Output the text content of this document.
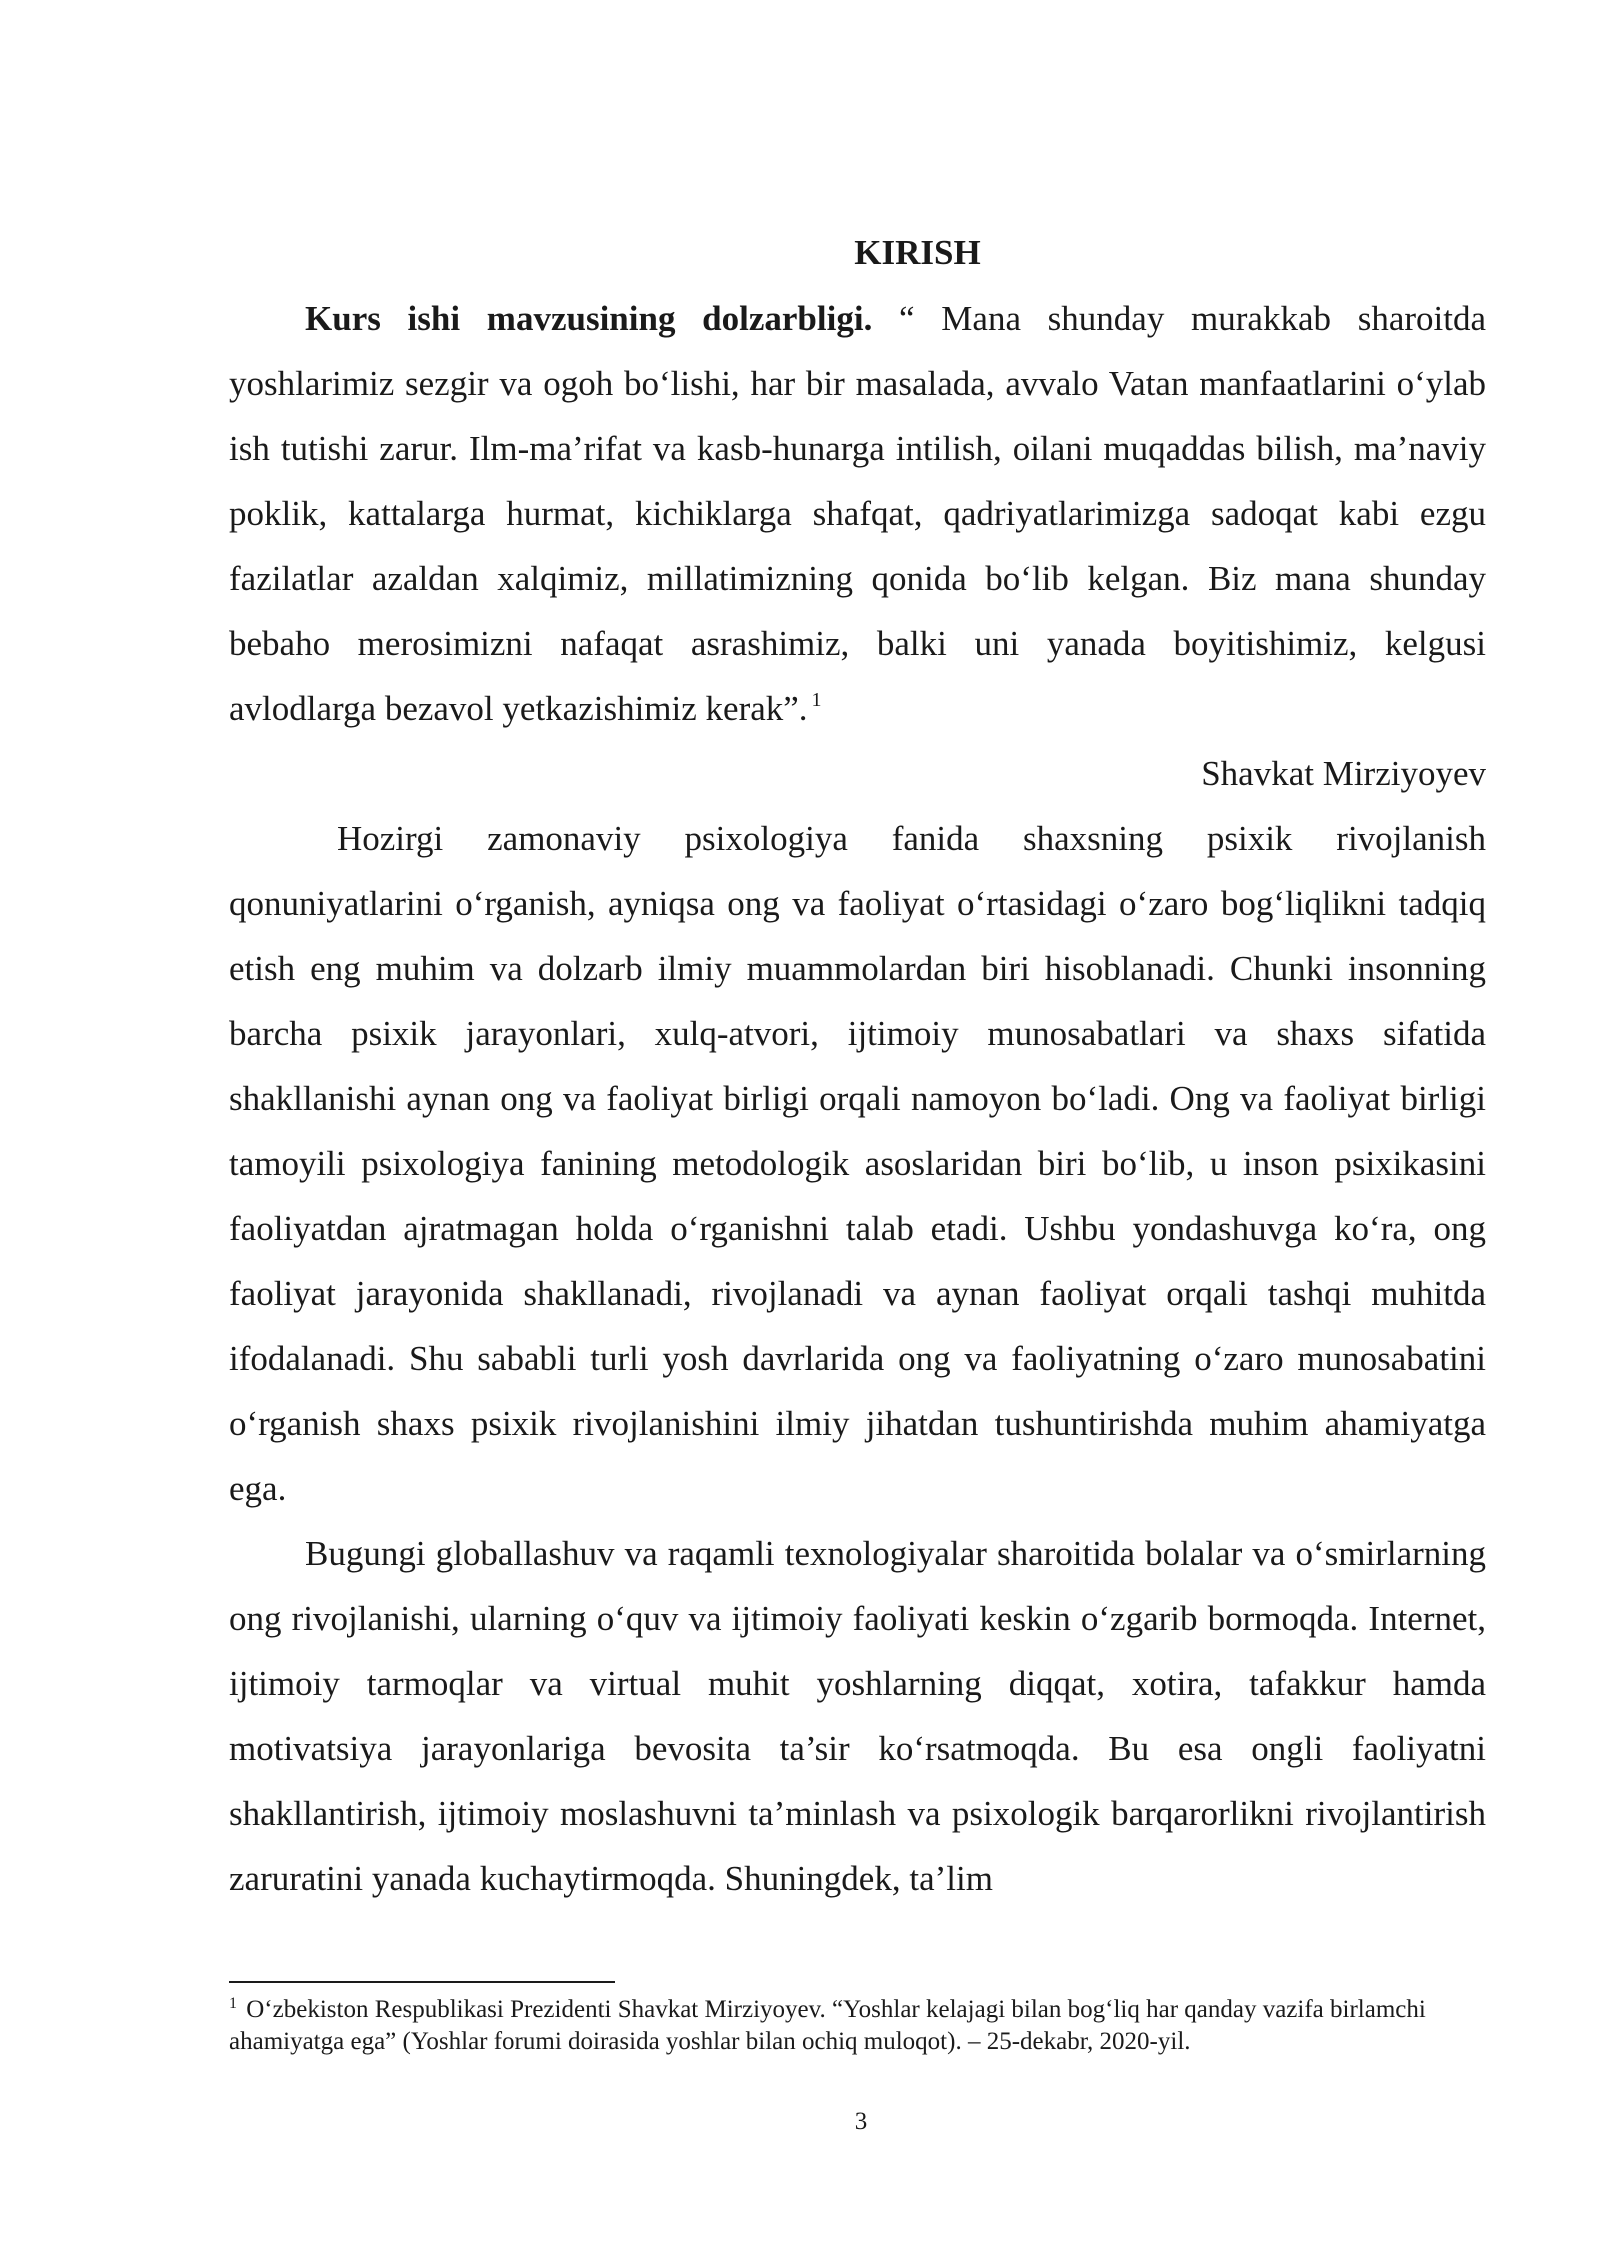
KIRISH

Kurs ishi mavzusining dolzarbligi. “ Mana shunday murakkab sharoitda yoshlarimiz sezgir va ogoh bo‘lishi, har bir masalada, avvalo Vatan manfaatlarini o‘ylab ish tutishi zarur. Ilm-ma’rifat va kasb-hunarga intilish, oilani muqaddas bilish, ma’naviy poklik, kattalarga hurmat, kichiklarga shafqat, qadriyatlarimizga sadoqat kabi ezgu fazilatlar azaldan xalqimiz, millatimizning qonida bo‘lib kelgan. Biz mana shunday bebaho merosimizni nafaqat asrashimiz, balki uni yanada boyitishimiz, kelgusi avlodlarga bezavol yetkazishimiz kerak”. $^1$

Shavkat Mirziyoyev

Hozirgi zamonaviy psixologiya fanida shaxsning psixik rivojlanish qonuniyatlarini o‘rganish, ayniqsa ong va faoliyat o‘rtasidagi o‘zaro bog‘liqlikni tadqiq etish eng muhim va dolzarb ilmiy muammolardan biri hisoblanadi. Chunki insonning barcha psixik jarayonlari, xulq-atvori, ijtimoiy munosabatlari va shaxs sifatida shakllanishi aynan ong va faoliyat birligi orqali namoyon bo‘ladi. Ong va faoliyat birligi tamoyili psixologiya fanining metodologik asoslaridan biri bo‘lib, u inson psixikasini faoliyatdan ajratmagan holda o‘rganishni talab etadi. Ushbu yondashuvga ko‘ra, ong faoliyat jarayonida shakllanadi, rivojlanadi va aynan faoliyat orqali tashqi muhitda ifodalanadi. Shu sababli turli yosh davrlarida ong va faoliyatning o‘zaro munosabatini o‘rganish shaxs psixik rivojlanishini ilmiy jihatdan tushuntirishda muhim ahamiyatga ega.

Bugungi globallashuv va raqamli texnologiyalar sharoitida bolalar va o‘smirlarning ong rivojlanishi, ularning o‘quv va ijtimoiy faoliyati keskin o‘zgarib bormoqda. Internet, ijtimoiy tarmoqlar va virtual muhit yoshlarning diqqat, xotira, tafakkur hamda motivatsiya jarayonlariga bevosita ta’sir ko‘rsatmoqda. Bu esa ongli faoliyatni shakllantirish, ijtimoiy moslashuvni ta’minlash va psixologik barqarorlikni rivojlantirish zaruratini yanada kuchaytirmoqda. Shuningdek, ta’lim

$^1$ O‘zbekiston Respublikasi Prezidenti Shavkat Mirziyoyev. “Yoshlar kelajagi bilan bog‘liq har qanday vazifa birlamchi ahamiyatga ega” (Yoshlar forumi doirasida yoshlar bilan ochiq muloqot). – 25-dekabr, 2020-yil.
3
